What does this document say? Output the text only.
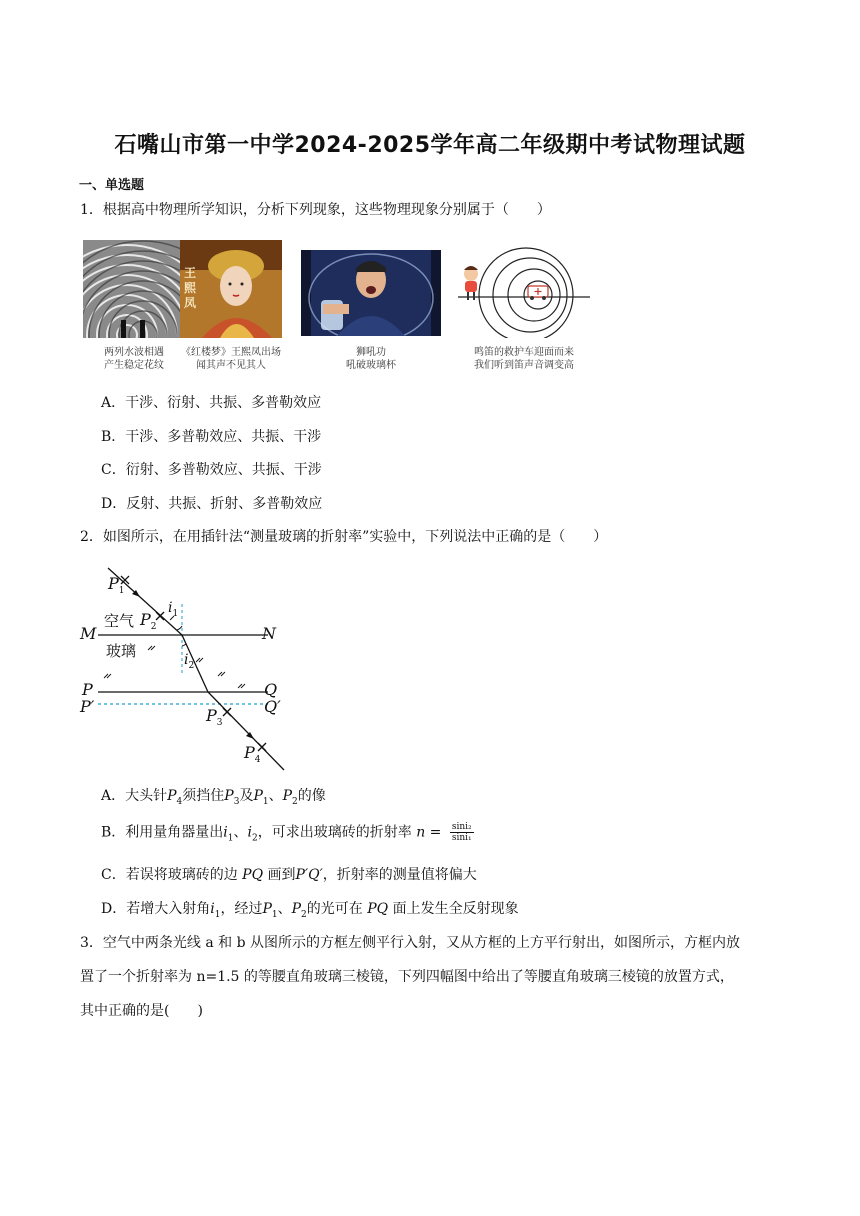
石嘴山市第一中学2024-2025学年高二年级期中考试物理试题
一、单选题
1．根据高中物理所学知识，分析下列现象，这些物理现象分别属于（　　）
两列水波相遇
产生稳定花纹
王熙凤
《红楼梦》王熙凤出场
闻其声不见其人
狮吼功
吼破玻璃杯
鸣笛的救护车迎面而来
我们听到笛声音调变高
A．干涉、衍射、共振、多普勒效应
B．干涉、多普勒效应、共振、干涉
C．衍射、多普勒效应、共振、干涉
D．反射、共振、折射、多普勒效应
2．如图所示，在用插针法“测量玻璃的折射率”实验中，下列说法中正确的是（　　）
M	N
P	Q
P′	Q′
空气
玻璃
$P_1$
$P_2$
$P_3$
$P_4$
$i_1$
$i_2$
A．大头针$P_4$须挡住$P_3$及$P_1$、$P_2$的像
B．利用量角器量出$i_1$、$i_2$，可求出玻璃砖的折射率 $n = \frac{\text{sini₂}}{\text{sini₁}}$
C．若误将玻璃砖的边 PQ 画到P′Q′，折射率的测量值将偏大
D．若增大入射角$i_1$，经过$P_1$、$P_2$的光可在 PQ 面上发生全反射现象
3．空气中两条光线 a 和 b 从图所示的方框左侧平行入射，又从方框的上方平行射出，如图所示，方框内放
置了一个折射率为 n=1.5 的等腰直角玻璃三棱镜，下列四幅图中给出了等腰直角玻璃三棱镜的放置方式，
其中正确的是(　　)
